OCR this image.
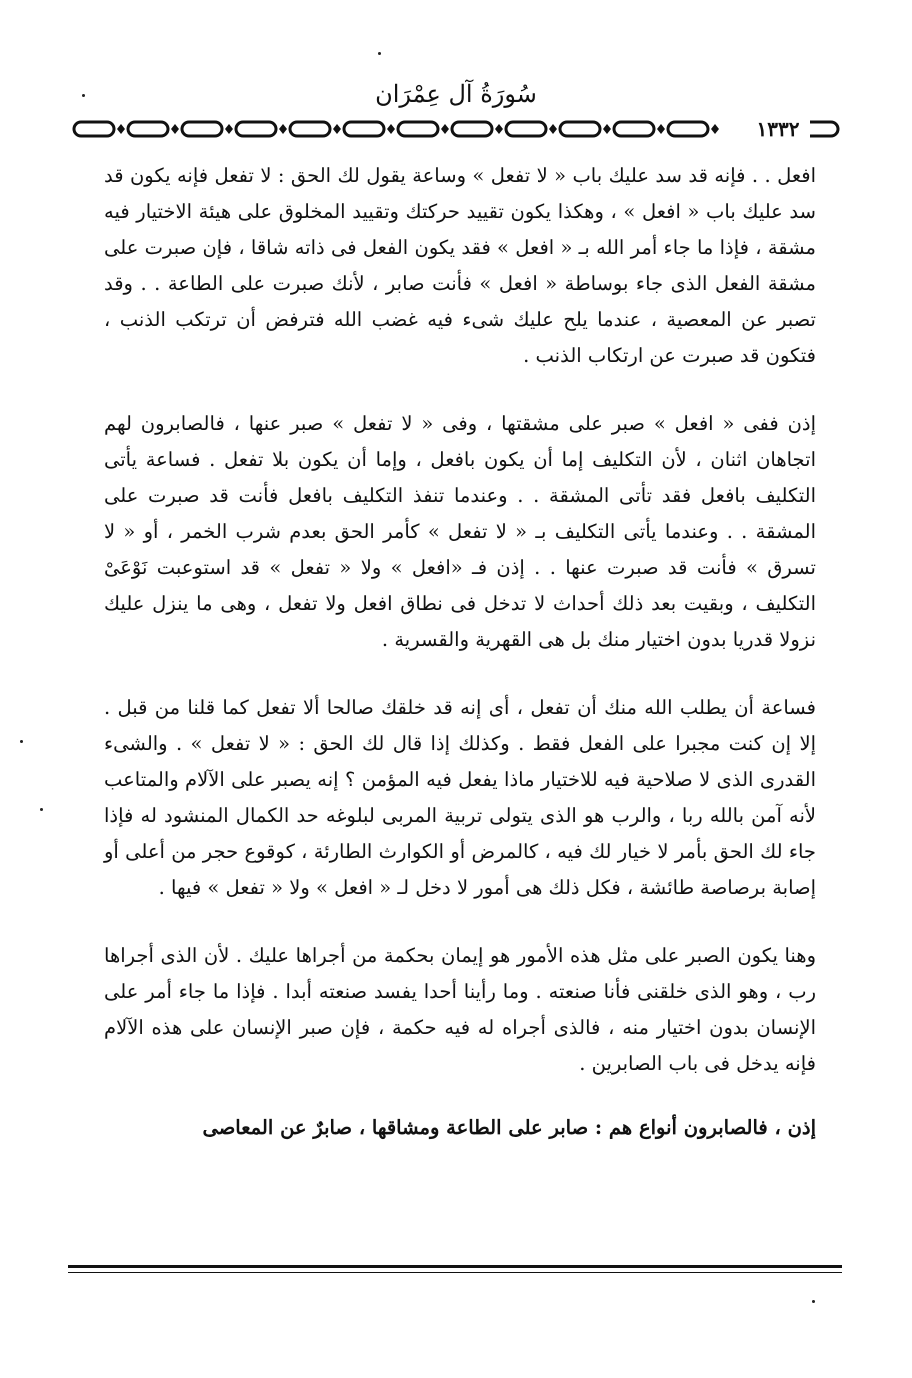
سُورَةُ آل عِمْرَان
١٣٣٢

افعل . . فإنه قد سد عليك باب « لا تفعل » وساعة يقول لك الحق : لا تفعل فإنه يكون قد سد عليك باب « افعل » ، وهكذا يكون تقييد حركتك وتقييد المخلوق على هيئة الاختيار فيه مشقة ، فإذا ما جاء أمر الله بـ « افعل » فقد يكون الفعل فى ذاته شاقا ، فإن صبرت على مشقة الفعل الذى جاء بوساطة « افعل » فأنت صابر ، لأنك صبرت على الطاعة . . وقد تصبر عن المعصية ، عندما يلح عليك شىء فيه غضب الله فترفض أن ترتكب الذنب ، فتكون قد صبرت عن ارتكاب الذنب .

إذن ففى « افعل » صبر على مشقتها ، وفى « لا تفعل » صبر عنها ، فالصابرون لهم اتجاهان اثنان ، لأن التكليف إما أن يكون بافعل ، وإما أن يكون بلا تفعل . فساعة يأتى التكليف بافعل فقد تأتى المشقة . . وعندما تنفذ التكليف بافعل فأنت قد صبرت على المشقة . . وعندما يأتى التكليف بـ « لا تفعل » كأمر الحق بعدم شرب الخمر ، أو « لا تسرق » فأنت قد صبرت عنها . . إذن فـ «افعل » ولا « تفعل » قد استوعبت نَوْعَىْ التكليف ، وبقيت بعد ذلك أحداث لا تدخل فى نطاق افعل ولا تفعل ، وهى ما ينزل عليك نزولا قدريا بدون اختيار منك بل هى القهرية والقسرية .

فساعة أن يطلب الله منك أن تفعل ، أى إنه قد خلقك صالحا ألا تفعل كما قلنا من قبل . إلا إن كنت مجبرا على الفعل فقط . وكذلك إذا قال لك الحق : « لا تفعل » . والشىء القدرى الذى لا صلاحية فيه للاختيار ماذا يفعل فيه المؤمن ؟ إنه يصبر على الآلام والمتاعب لأنه آمن بالله ربا ، والرب هو الذى يتولى تربية المربى لبلوغه حد الكمال المنشود له فإذا جاء لك الحق بأمر لا خيار لك فيه ، كالمرض أو الكوارث الطارئة ، كوقوع حجر من أعلى أو إصابة برصاصة طائشة ، فكل ذلك هى أمور لا دخل لـ « افعل » ولا « تفعل » فيها .

وهنا يكون الصبر على مثل هذه الأمور هو إيمان بحكمة من أجراها عليك . لأن الذى أجراها رب ، وهو الذى خلقنى فأنا صنعته . وما رأينا أحدا يفسد صنعته أبدا . فإذا ما جاء أمر على الإنسان بدون اختيار منه ، فالذى أجراه له فيه حكمة ، فإن صبر الإنسان على هذه الآلام فإنه يدخل فى باب الصابرين .

إذن ، فالصابرون أنواع هم : صابر على الطاعة ومشاقها ، صابرٌ عن المعاصى
